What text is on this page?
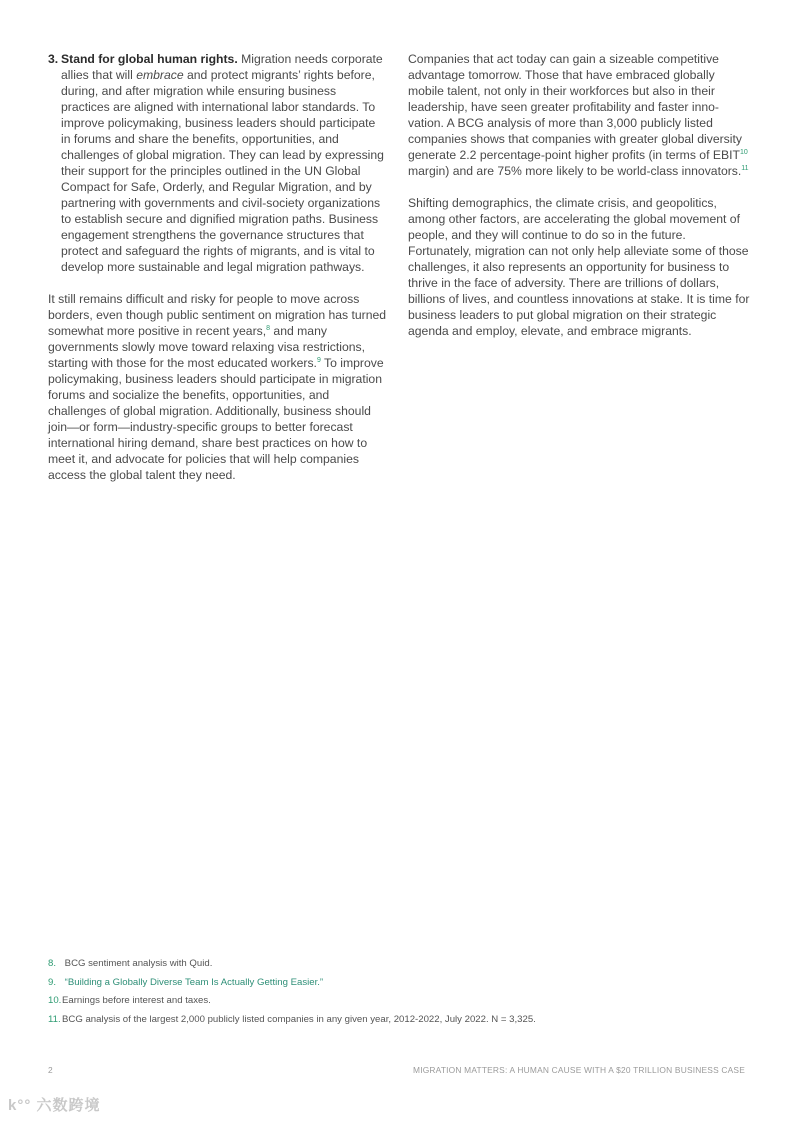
3. Stand for global human rights. Migration needs corporate allies that will embrace and protect migrants’ rights before, during, and after migration while ensuring business practices are aligned with international labor standards. To improve policymaking, business leaders should participate in forums and share the benefits, opportunities, and challenges of global migration. They can lead by expressing their support for the principles outlined in the UN Global Compact for Safe, Orderly, and Regular Migration, and by partnering with governments and civil-society organizations to establish secure and dignified migration paths. Business engagement strengthens the governance structures that protect and safeguard the rights of migrants, and is vital to develop more sustainable and legal migration pathways.

It still remains difficult and risky for people to move across borders, even though public sentiment on migration has turned somewhat more positive in recent years,$^8$ and many governments slowly move toward relaxing visa restrictions, starting with those for the most educated workers.$^9$ To improve policymaking, business leaders should participate in migration forums and socialize the benefits, opportunities, and challenges of global migration. Additionally, business should join—or form—industry-specific groups to better forecast international hiring demand, share best practices on how to meet it, and advocate for policies that will help companies access the global talent they need.

Companies that act today can gain a sizeable competitive advantage tomorrow. Those that have embraced globally mobile talent, not only in their workforces but also in their leadership, have seen greater profitability and faster innovation. A BCG analysis of more than 3,000 publicly listed companies shows that companies with greater global diversity generate 2.2 percentage-point higher profits (in terms of EBIT$^{10}$ margin) and are 75% more likely to be world-class innovators.$^{11}$

Shifting demographics, the climate crisis, and geopolitics, among other factors, are accelerating the global movement of people, and they will continue to do so in the future. Fortunately, migration can not only help alleviate some of those challenges, it also represents an opportunity for business to thrive in the face of adversity. There are trillions of dollars, billions of lives, and countless innovations at stake. It is time for business leaders to put global migration on their strategic agenda and employ, elevate, and embrace migrants.

8. BCG sentiment analysis with Quid.
9. “Building a Globally Diverse Team Is Actually Getting Easier.”
10.Earnings before interest and taxes.
11.BCG analysis of the largest 2,000 publicly listed companies in any given year, 2012-2022, July 2022. N = 3,325.
2	MIGRATION MATTERS: A HUMAN CAUSE WITH A $20 TRILLION BUSINESS CASE
k°° 六数跨境
